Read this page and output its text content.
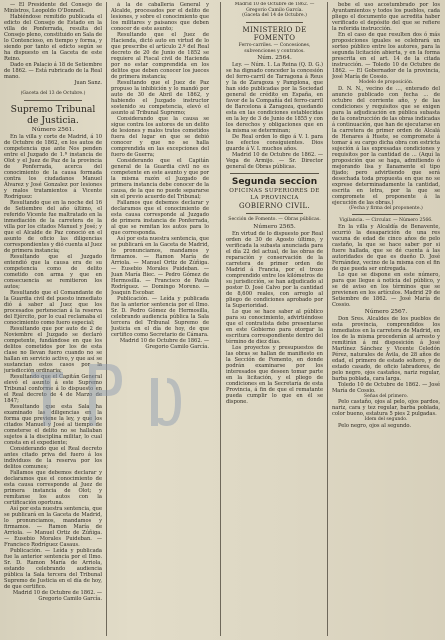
— El Presidente del Consejo de Ministros, Leopoldo O'Donnell.

Habiéndose remitido publicada el edicto del Consejo de Estado en la villa de Ponferrada, resulta del Consejo pleno, constituido en Sala de lo Contencioso, en tiempo y forma, y siendo por tanto el edicto según se ha dispuesto en la Gaceta de este Reino.

Dado en Palacio á 18 de Setiembre de 1862. — Está rubricado de la Real mano.

Juan Sanz.

(Gaceta del 13 de Octubre.)

Supremo Tribunal de Justicia.

Número 2561.

En la villa y corte de Madrid, á 10 de Octubre de 1862, en los autos de competencia que ante Nos penden entre el Juzgado de 1.ª instancia de Olot y el Juez de Paz de la provincia de Ponferrada, acerca del conocimiento de la causa formada contra los ciudadanos Manuel Álvarez y José Gonzalez por lesiones y malos tratamientos á Vicente Rodríguez:

Resultando que en la noche del 16 de Setiembre del año último, el referido Vicente fue maltratado en la inmediación de la carretera de la villa por los citados Manuel y José; y que el Alcalde de Paz conoció en el asunto de oficio las diligencias correspondientes y dió cuenta al Juez de primera instancia;

Resultando que el Juzgado entendió que la causa era de su competencia como de delito cometido con arma y que en consecuencia se remitieron los autos;

Resultando que el Comandante de la Guardia civil del puesto inmediato dió á saber al Juez que los procesados pertenecían á la reserva del Ejército, por lo cual reclamaba el conocimiento como fuero especial;

Resultando que por auto de 2 de Noviembre el Juzgado se declaró competente, fundándose en que los delitos cometidos por los de esta clase no llevan fuero cuando no se hallan en servicio activo, y que así se sustancian estos casos por la jurisdicción ordinaria;

Resultando que el Capitán General elevó el asunto á este Supremo Tribunal conforme á lo dispuesto en el Real decreto de 4 de Marzo de 1847;

Resultando que esta Sala ha examinado las diligencias en la forma que previene la ley, y que los citados Manuel y José al tiempo de cometerse el delito no se hallaban sujetos á la disciplina militar, lo cual consta en el expediente;

Considerando que el Real decreto antes citado priva del fuero á los individuos de la reserva por los delitos comunes;

Fallamos que debemos declarar y declaramos que el conocimiento de esta causa corresponde al Juez de primera instancia de Olot; y remítanse los autos con la certificación oportuna.

Así por esta nuestra sentencia, que se publicará en la Gaceta de Madrid, lo pronunciamos, mandamos y firmamos. — Ramon María de Arriola. — Manuel Ortiz de Zúñiga. — Eusebio Morales Puideban. — Francisco Rodríguez Casaus.

Publicación. — Leída y publicada fue la anterior sentencia por el Ilmo. Sr. D. Ramon María de Arriola, estando celebrando audiencia pública la Sala tercera del Tribunal Supremo de Justicia en el día de hoy, de que certifico.

Madrid 10 de Octubre de 1862. — Gregorio Camilo García.

á la de caballería General y Alcalde, procesados por el delito de lesiones, y sobre el conocimiento que los militares y paisanos que deben conocer de este asunto;

Resultando que el Juez de Hacienda, dictó auto en virtud de lo que prescribe el artículo 2.º del Real decreto de 20 de Junio de 1852 se requiere al Fiscal civil de Hacienda por no estar comprendida en los delitos que deben conocer los jueces de primera instancia;

Resultando que el Juez de Paz propuso la inhibición y lo mandó por auto de 30 de Abril de 1862, y habiendo el Juzgado instructor sostenido su competencia, elevó el asunto al Tribunal Supremo;

Considerando que la causa se sigue contra los autores de un delito de lesiones y malos tratos cometidos fuera del lugar en que se debió conocer y que no se halla comprendida en las excepciones del fuero de Guerra;

Considerando que el Capitán general de la Guardia civil no es competente en este asunto y que por la misma razón el Juzgado de primera instancia debe conocer de la causa, de la que no puede separarse sin el previo acuerdo del Tribunal;

Fallamos que debemos declarar y declaramos que el conocimiento de esta causa corresponde al Juzgado de primera instancia de Ponferrada, al que se remitan los autos para lo que corresponda.

Así por esta nuestra sentencia, que se publicará en la Gaceta de Madrid, lo pronunciamos, mandamos y firmamos. — Ramon María de Arriola. — Manuel Ortiz de Zúñiga. — Eusebio Morales Puideban. — Juan María Biec. — Pedro Gómez de Hermosilla. — Francisco de Paula Rodríguez. — Domingo Moreno. — Joaquín Escobar.

Publicación. — Leída y publicada fue la anterior sentencia por el Ilmo. Sr. D. Pedro Gómez de Hermosilla, celebrando audiencia pública la Sala tercera del Tribunal Supremo de Justicia en el día de hoy, de que certifico como Secretario de Cámara.

Madrid 10 de Octubre de 1862. — Gregorio Camilo García.

Madrid 10 de Octubre de 1862. — Gregorio Camilo García.

(Gaceta del 14 de Octubre.)

MINISTERIO DE FOMENTO

Ferro-carriles. — Concesiones, subvenciones y contratos.

Núm. 2564.

Ley. — Núm. 1. La Reina (Q. D. G.) se ha dignado conceder la concesión del ferro-carril de Tarragona á Reus y la de Zaragoza y Pamplona, que han sido publicadas por la Sociedad general de crédito en España, en favor de la Compañía del ferro-carril de Barcelona á Zaragoza, quedando esta en las condiciones establecidas en la ley de 3 de Junio de 1855 y con los derechos y obligaciones que en la misma se determinan;

De Real orden lo digo á V. I. para los efectos consiguientes. Dios guarde á V. I. muchos años.

Madrid 10 de Octubre de 1862. — Vega de Armijo. — Sr. Director general de Obras públicas.

Segunda seccion
OFICINAS SUPERIORES DE LA PROVINCIA
GOBIERNO CIVIL.

Sección de Fomento. — Obras públicas.

Número 2565.

En virtud de lo dispuesto por Real orden de 30 de Agosto último, y verificada la subasta anunciada para el día 22 del actual, de las obras de reparación y conservación de la carretera de primer orden de Madrid á Francia, por el trozo comprendido entre los kilómetros de su jurisdicción, se han adjudicado al postor D. José Calvo por la cantidad de 8,600 reales, con arreglo al pliego de condiciones aprobado por la Superioridad.

Lo que se hace saber al público para su conocimiento, advirtiéndose que el contratista debe presentarse en este Gobierno para otorgar la escritura correspondiente dentro del término de diez días.

Los proyectos y presupuestos de las obras se hallan de manifiesto en la Sección de Fomento, en donde podrán examinarse por los interesados que deseen tomar parte en la licitación, y el pliego de condiciones en la Secretaría de esta Provincia, á fin de que el rematante pueda cumplir lo que en él se dispone.

bebe el uso acostumbrado por los Ayuntamientos y todos los pueblos, cada pliego el documento que acredita haber verificado el depósito del que se refiere la referida instrucción.

En el caso de que resulten dos ó más proposiciones iguales se celebrará un sorteo público entre los autores, para la segunda licitación abierta, y en la forma prescrita en el art. 14 de la citada instrucción. — Toledo 10 de Octubre de 1862. — El Gobernador de la provincia, José María de Cossio.

Modelo de proposición.

D. N. N., vecino de ..., enterado del anuncio publicado con fecha ... de octubre del corriente año, y de las condiciones y requisitos que se exigen para la adjudicación en pública subasta de la construcción de las obras indicadas á continuación, que han de ejecutarse en la carretera de primer orden de Alcalá de Henares á Huete, se compromete á tomar á su cargo dicha obra con estricta sujeción á las expresadas condiciones y requisitos por la cantidad de ... (Aquí la proposición que se haga, admitiendo ó mejorando lisa y llanamente el tipo fijado; pero advirtiendo que será desechada toda propuesta en que no se exprese determinadamente la cantidad, escrita en letra, por la que se compromete el proponente á la ejecución de las obras.)

(Fecha y firma del proponente.)

Vigilancia. — Circular. — Número 2566.

En la villa y Alcaldía de Benavente, ocurrió la desaparición de una res vacuna de edad de cinco años de pelo castaño, la que se hace saber por si fuere hallada, que se dé cuenta á las autoridades de que es dueño D. José Fernández, vecino de la misma con el fin de que pueda ser entregada.

Lo que se dispone en este número, para que llegue á noticia del público, y se dé aviso en los términos que se previenen en los artículos. Madrid 29 de Setiembre de 1862. — José María de Cossio.

Número 2567.

Don Sres. Alcaldes de los pueblos de esta provincia, comprendidos los inmediatos en la carretera de Madrid, en los de la misma procederán al arresto y remitirán á mi disposición á José Martínez Sánchez y Vicente Celedón Pérez, naturales de Ávila, de 28 años de edad, el primero de estado soltero, y de estado casado, de oficio labradores, de pelo negro, ojos castaños, nariz regular, barba poblada, cara larga.

Toledo 10 de Octubre de 1862. — José María de Cossio.

Señas del primero.

Pelo castaño, ojos al pelo, ojos pardos, nariz, cara y tez regular, barba poblada, color bueno, estatura 5 pies 2 pulgadas.

Idem del segundo.

Pelo negro, ojos al segundo.
